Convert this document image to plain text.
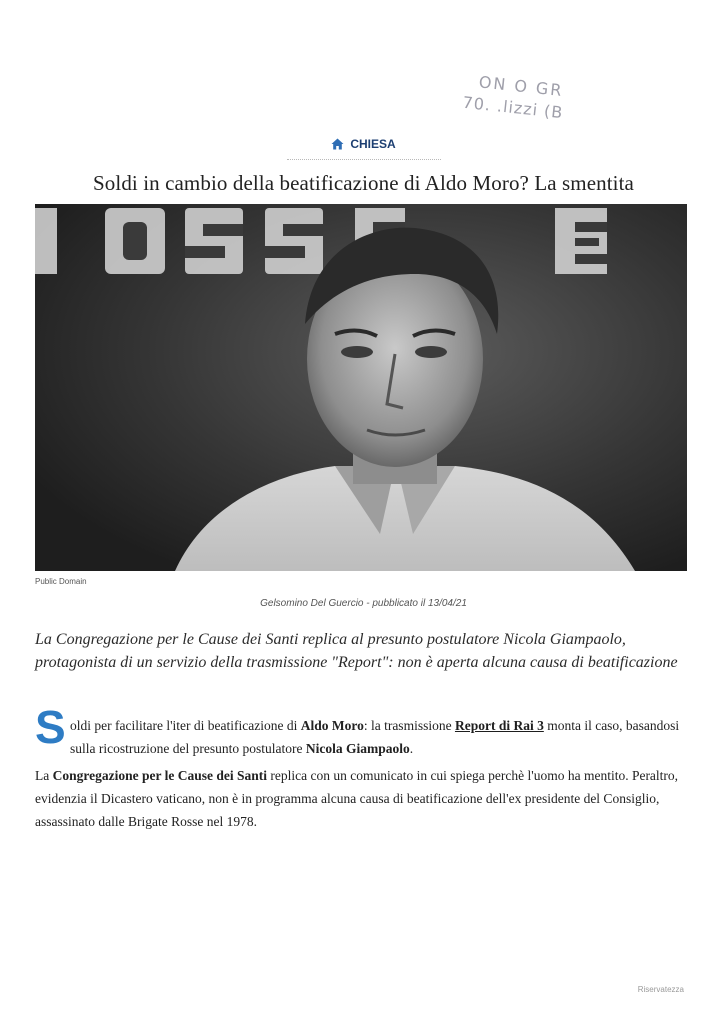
ON O GR
70. .lizzi (B
CHIESA
Soldi in cambio della beatificazione di Aldo Moro? La smentita
Public Domain
Gelsomino Del Guercio - pubblicato il 13/04/21
La Congregazione per le Cause dei Santi replica al presunto postulatore Nicola Giampaolo, protagonista di un servizio della trasmissione "Report": non è aperta alcuna causa di beatificazione
S oldi per facilitare l'iter di beatificazione di Aldo Moro: la trasmissione Report di Rai 3 monta il caso, basandosi sulla ricostruzione del presunto postulatore Nicola Giampaolo.
La Congregazione per le Cause dei Santi replica con un comunicato in cui spiega perchè l'uomo ha mentito. Peraltro, evidenzia il Dicastero vaticano, non è in programma alcuna causa di beatificazione dell'ex presidente del Consiglio, assassinato dalle Brigate Rosse nel 1978.
Riservatezza
